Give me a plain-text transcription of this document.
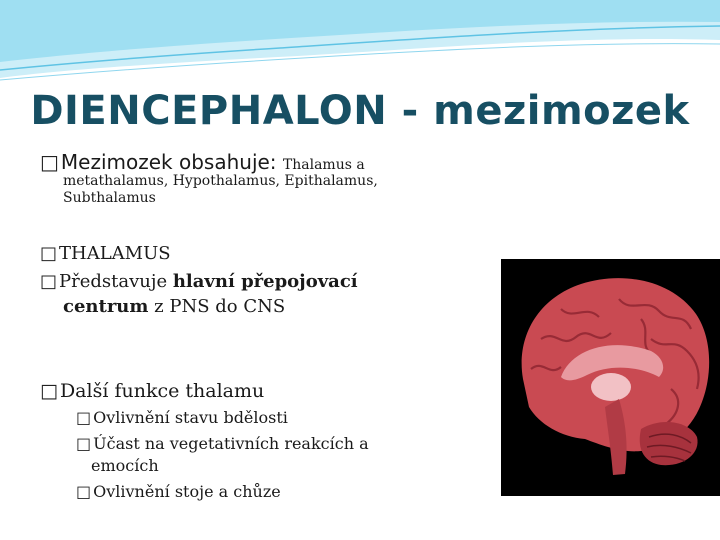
DIENCEPHALON - mezimozek
□ Mezimozek obsahuje: Thalamus a
metathalamus, Hypothalamus, Epithalamus,
Subthalamus
□ THALAMUS
□ Představuje hlavní přepojovací
centrum z PNS do CNS
□ Další funkce thalamu
□ Ovlivnění stavu bdělosti
□ Účast na vegetativních reakcích a
emocích
□ Ovlivnění stoje a chůze
